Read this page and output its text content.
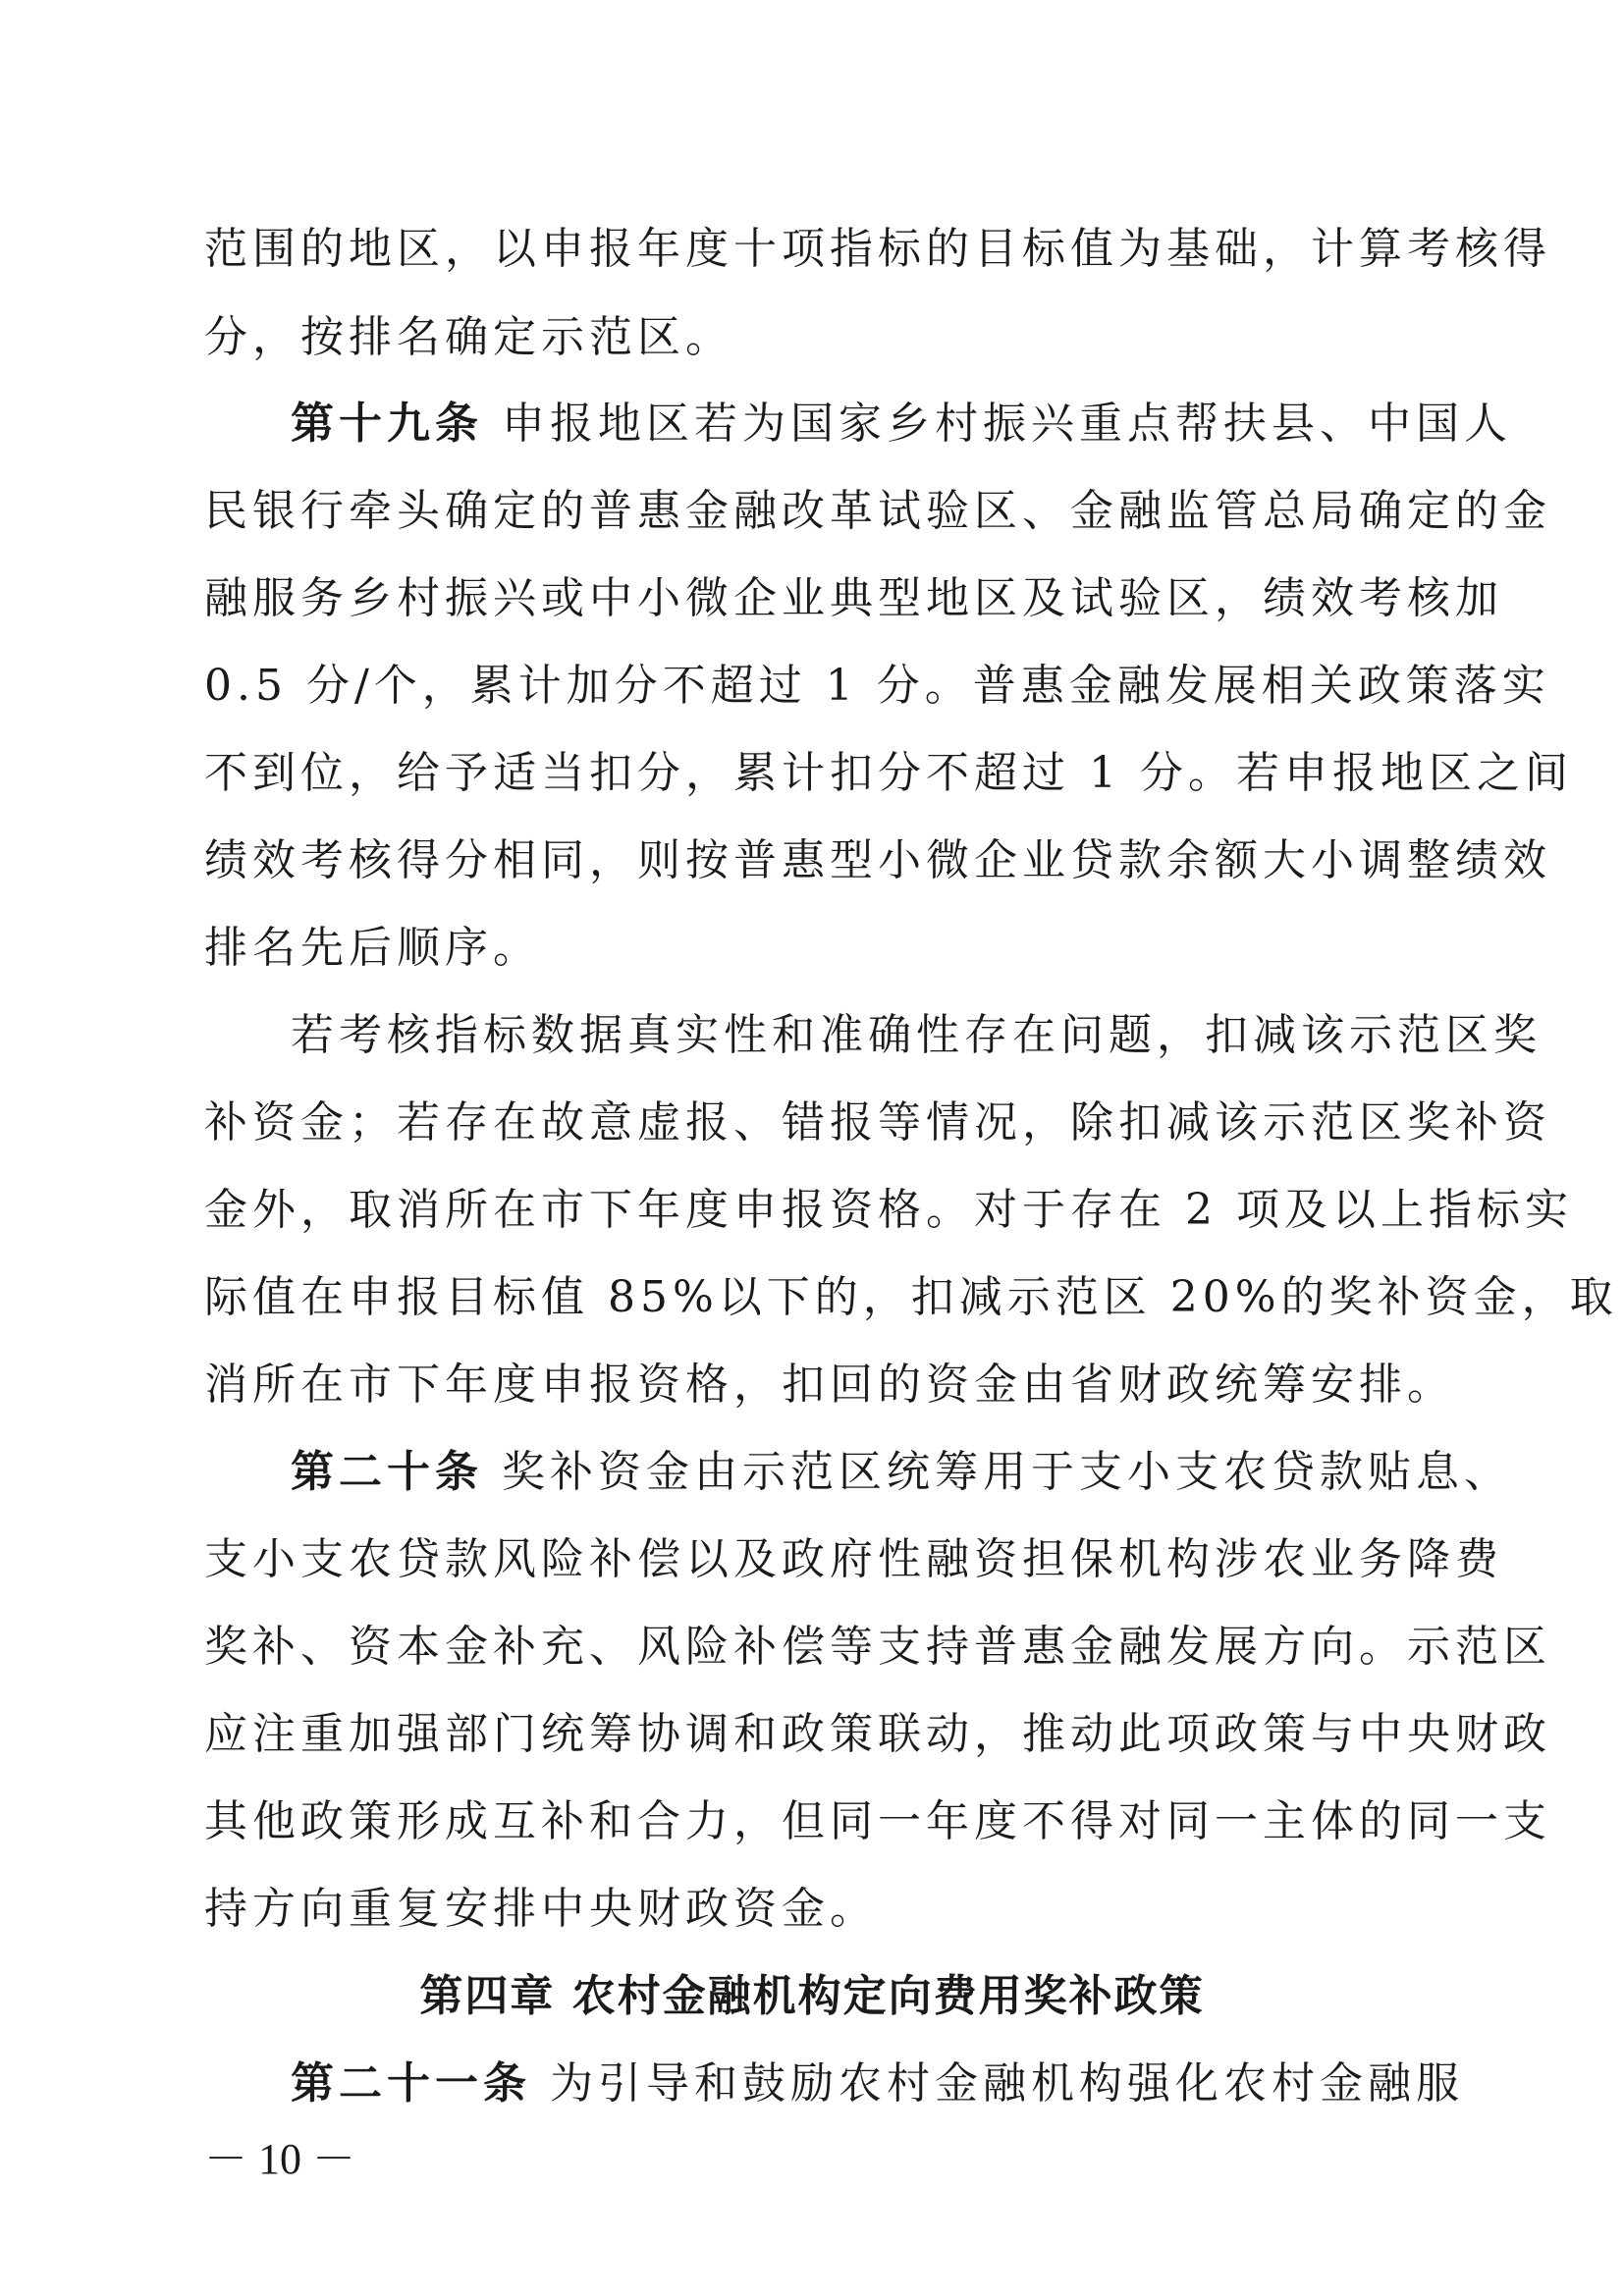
范围的地区，以申报年度十项指标的目标值为基础，计算考核得
分，按排名确定示范区。
第十九条 申报地区若为国家乡村振兴重点帮扶县、中国人
民银行牵头确定的普惠金融改革试验区、金融监管总局确定的金
融服务乡村振兴或中小微企业典型地区及试验区，绩效考核加
0.5 分/个，累计加分不超过 1 分。普惠金融发展相关政策落实
不到位，给予适当扣分，累计扣分不超过 1 分。若申报地区之间
绩效考核得分相同，则按普惠型小微企业贷款余额大小调整绩效
排名先后顺序。
若考核指标数据真实性和准确性存在问题，扣减该示范区奖
补资金；若存在故意虚报、错报等情况，除扣减该示范区奖补资
金外，取消所在市下年度申报资格。对于存在 2 项及以上指标实
际值在申报目标值 85%以下的，扣减示范区 20%的奖补资金，取
消所在市下年度申报资格，扣回的资金由省财政统筹安排。
第二十条 奖补资金由示范区统筹用于支小支农贷款贴息、
支小支农贷款风险补偿以及政府性融资担保机构涉农业务降费
奖补、资本金补充、风险补偿等支持普惠金融发展方向。示范区
应注重加强部门统筹协调和政策联动，推动此项政策与中央财政
其他政策形成互补和合力，但同一年度不得对同一主体的同一支
持方向重复安排中央财政资金。
第四章 农村金融机构定向费用奖补政策
第二十一条 为引导和鼓励农村金融机构强化农村金融服
－ 10 －
